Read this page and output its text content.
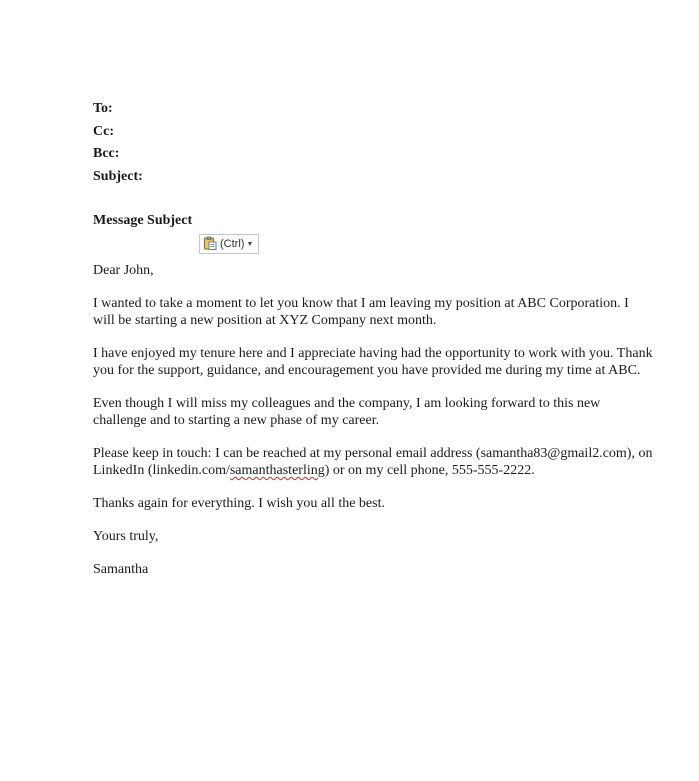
To:
Cc:
Bcc:
Subject:
Message Subject
(Ctrl) ▼

Dear John,

I wanted to take a moment to let you know that I am leaving my position at ABC Corporation. I will be starting a new position at XYZ Company next month.

I have enjoyed my tenure here and I appreciate having had the opportunity to work with you. Thank you for the support, guidance, and encouragement you have provided me during my time at ABC.

Even though I will miss my colleagues and the company, I am looking forward to this new challenge and to starting a new phase of my career.

Please keep in touch: I can be reached at my personal email address (samantha83@gmail2.com), on LinkedIn (linkedin.com/samanthasterling) or on my cell phone, 555-555-2222.

Thanks again for everything. I wish you all the best.

Yours truly,

Samantha
